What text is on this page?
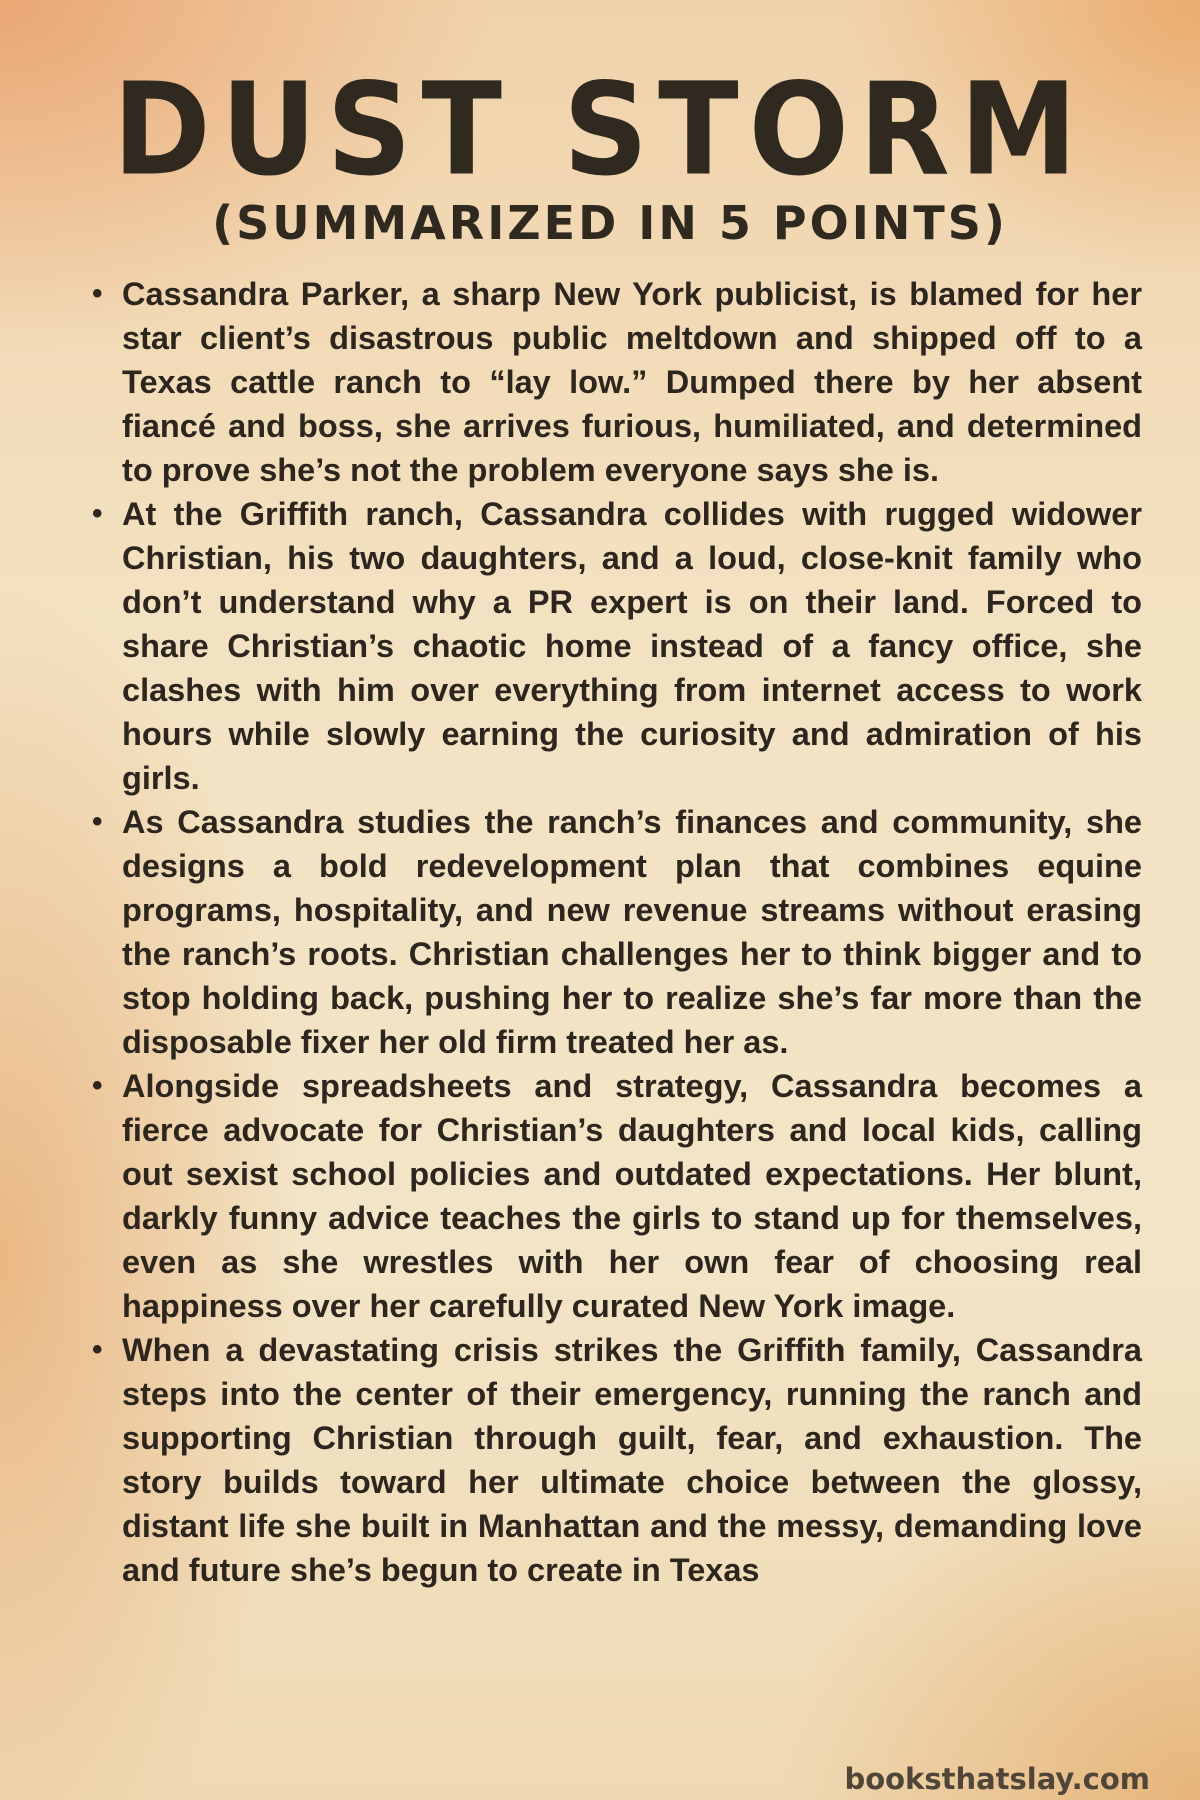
DUST STORM
(SUMMARIZED IN 5 POINTS)
• Cassandra Parker, a sharp New York publicist, is blamed for her star client’s disastrous public meltdown and shipped off to a Texas cattle ranch to “lay low.” Dumped there by her absent fiancé and boss, she arrives furious, humiliated, and determined to prove she’s not the problem everyone says she is.
• At the Griffith ranch, Cassandra collides with rugged widower Christian, his two daughters, and a loud, close-knit family who don’t understand why a PR expert is on their land. Forced to share Christian’s chaotic home instead of a fancy office, she clashes with him over everything from internet access to work hours while slowly earning the curiosity and admiration of his girls.
• As Cassandra studies the ranch’s finances and community, she designs a bold redevelopment plan that combines equine programs, hospitality, and new revenue streams without erasing the ranch’s roots. Christian challenges her to think bigger and to stop holding back, pushing her to realize she’s far more than the disposable fixer her old firm treated her as.
• Alongside spreadsheets and strategy, Cassandra becomes a fierce advocate for Christian’s daughters and local kids, calling out sexist school policies and outdated expectations. Her blunt, darkly funny advice teaches the girls to stand up for themselves, even as she wrestles with her own fear of choosing real happiness over her carefully curated New York image.
• When a devastating crisis strikes the Griffith family, Cassandra steps into the center of their emergency, running the ranch and supporting Christian through guilt, fear, and exhaustion. The story builds toward her ultimate choice between the glossy, distant life she built in Manhattan and the messy, demanding love and future she’s begun to create in Texas
booksthatslay.com
